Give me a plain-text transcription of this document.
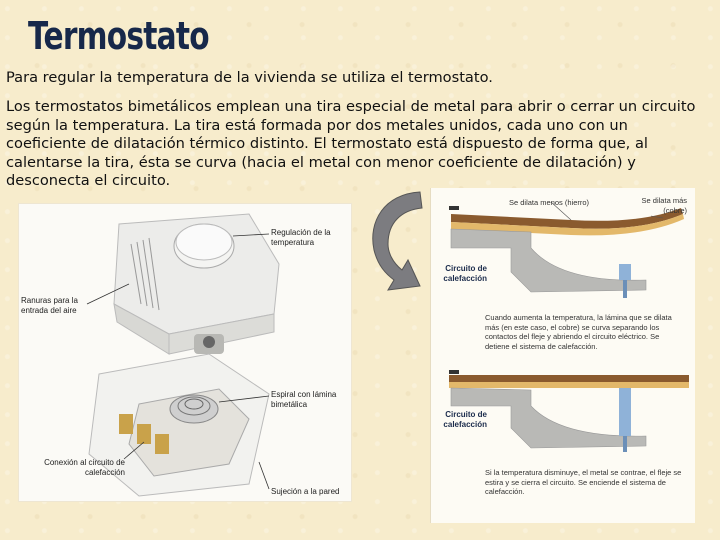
Termostato

Para regular la temperatura de la vivienda se utiliza el termostato.

Los termostatos bimetálicos emplean una tira especial de metal para abrir o cerrar un circuito según la temperatura. La tira está formada por dos metales unidos, cada uno con un coeficiente de dilatación térmico distinto. El termostato está dispuesto de forma que, al calentarse la tira, ésta se curva (hacia el metal con menor coeficiente de dilatación) y desconecta el circuito.

Regulación de la temperatura
Ranuras para la entrada del aire
Espiral con lámina bimetálica
Conexión al circuito de calefacción
Sujeción a la pared
Se dilata menos (hierro)	Se dilata más (cobre)
Circuito de calefacción
Cuando aumenta la temperatura, la lámina que se dilata más (en este caso, el cobre) se curva separando los contactos del fleje y abriendo el circuito eléctrico. Se detiene el sistema de calefacción.
Circuito de calefacción
Si la temperatura disminuye, el metal se contrae, el fleje se estira y se cierra el circuito. Se enciende el sistema de calefacción.
